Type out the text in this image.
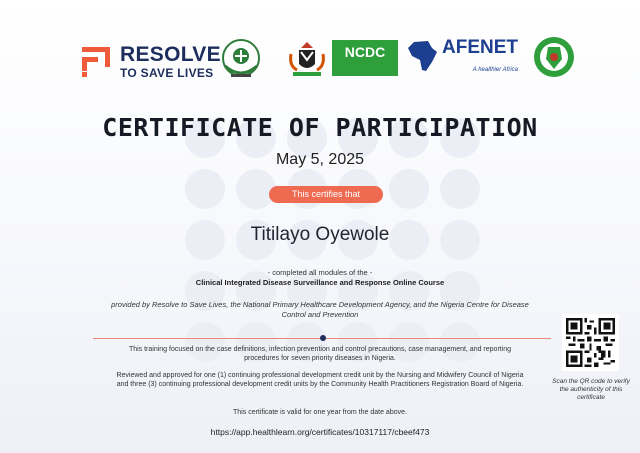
RESOLVE
TO SAVE LIVES
NCDC
	AFENET

A healthier Africa
CERTIFICATE OF PARTICIPATION
May 5, 2025
This certifies that
Titilayo Oyewole
- completed all modules of the -
Clinical Integrated Disease Surveillance and Response Online Course
provided by Resolve to Save Lives, the National Primary Healthcare Development Agency, and the Nigeria Centre for Disease Control and Prevention
This training focused on the case definitions, infection prevention and control precautions, case management, and reporting procedures for seven priority diseases in Nigeria.
Reviewed and approved for one (1) continuing professional development credit unit by the Nursing and Midwifery Council of Nigeria and three (3) continuing professional development credit units by the Community Health Practitioners Registration Board of Nigeria.
This certificate is valid for one year from the date above.
https://app.healthlearn.org/certificates/10317117/cbeef473
Scan the QR code to verify the authenticity of this certificate
